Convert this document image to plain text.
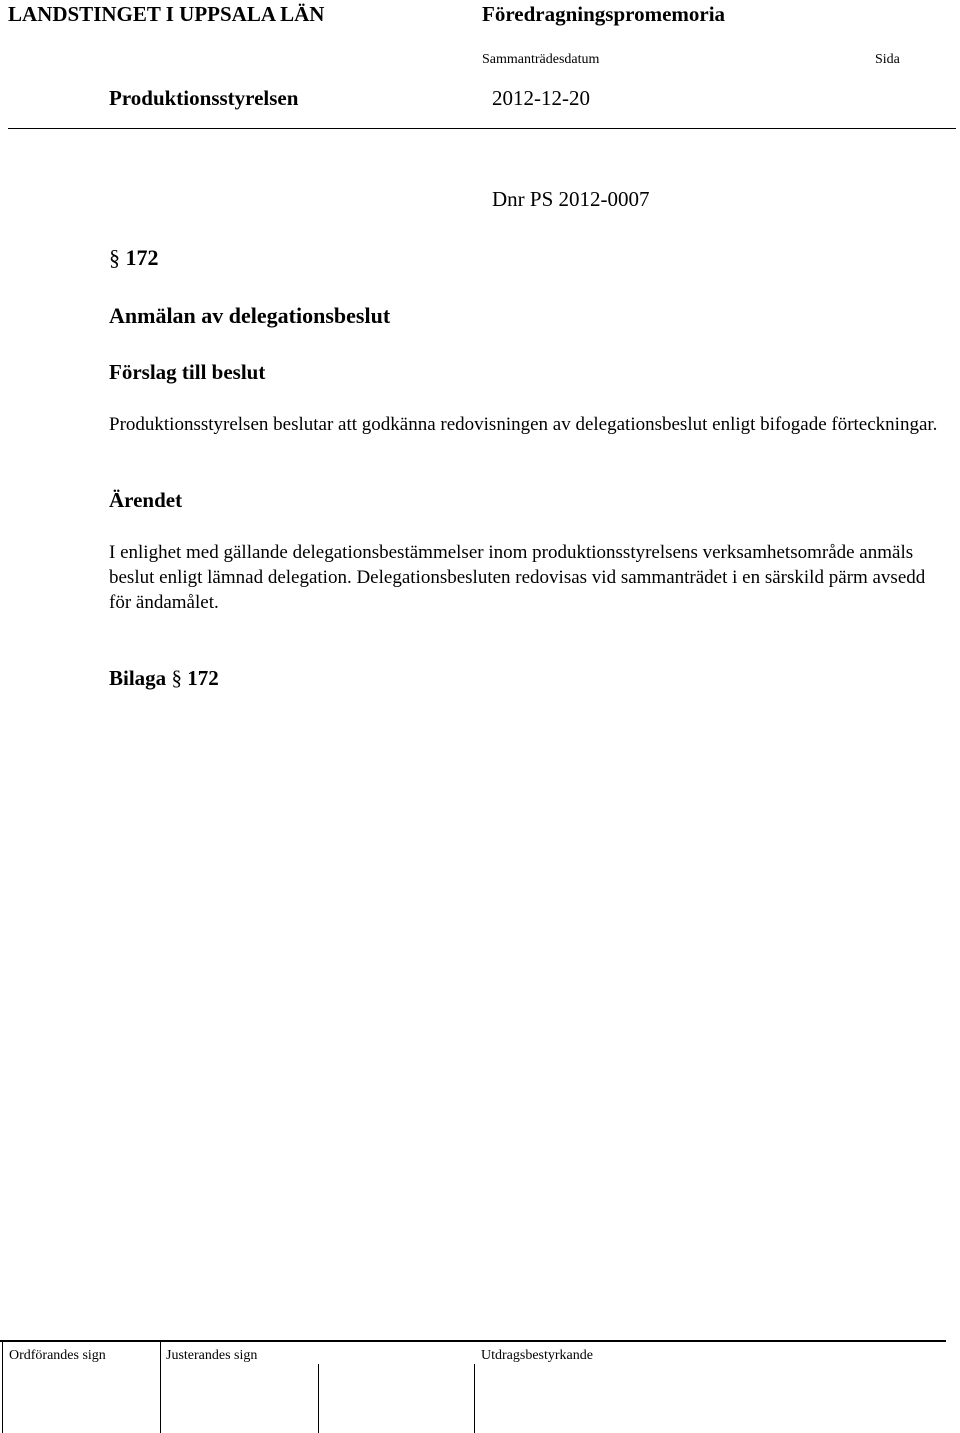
LANDSTINGET I UPPSALA LÄN	Föredragningspromemoria
Sammanträdesdatum	Sida
Produktionsstyrelsen	2012-12-20
Dnr PS 2012-0007
§ 172
Anmälan av delegationsbeslut
Förslag till beslut
Produktionsstyrelsen beslutar att godkänna redovisningen av delegationsbeslut enligt bifogade förteckningar.
Ärendet
I enlighet med gällande delegationsbestämmelser inom produktionsstyrelsens verksamhetsområde anmäls beslut enligt lämnad delegation. Delegationsbesluten redovisas vid sammanträdet i en särskild pärm avsedd för ändamålet.
Bilaga § 172
Ordförandes sign	Justerandes sign	Utdragsbestyrkande
